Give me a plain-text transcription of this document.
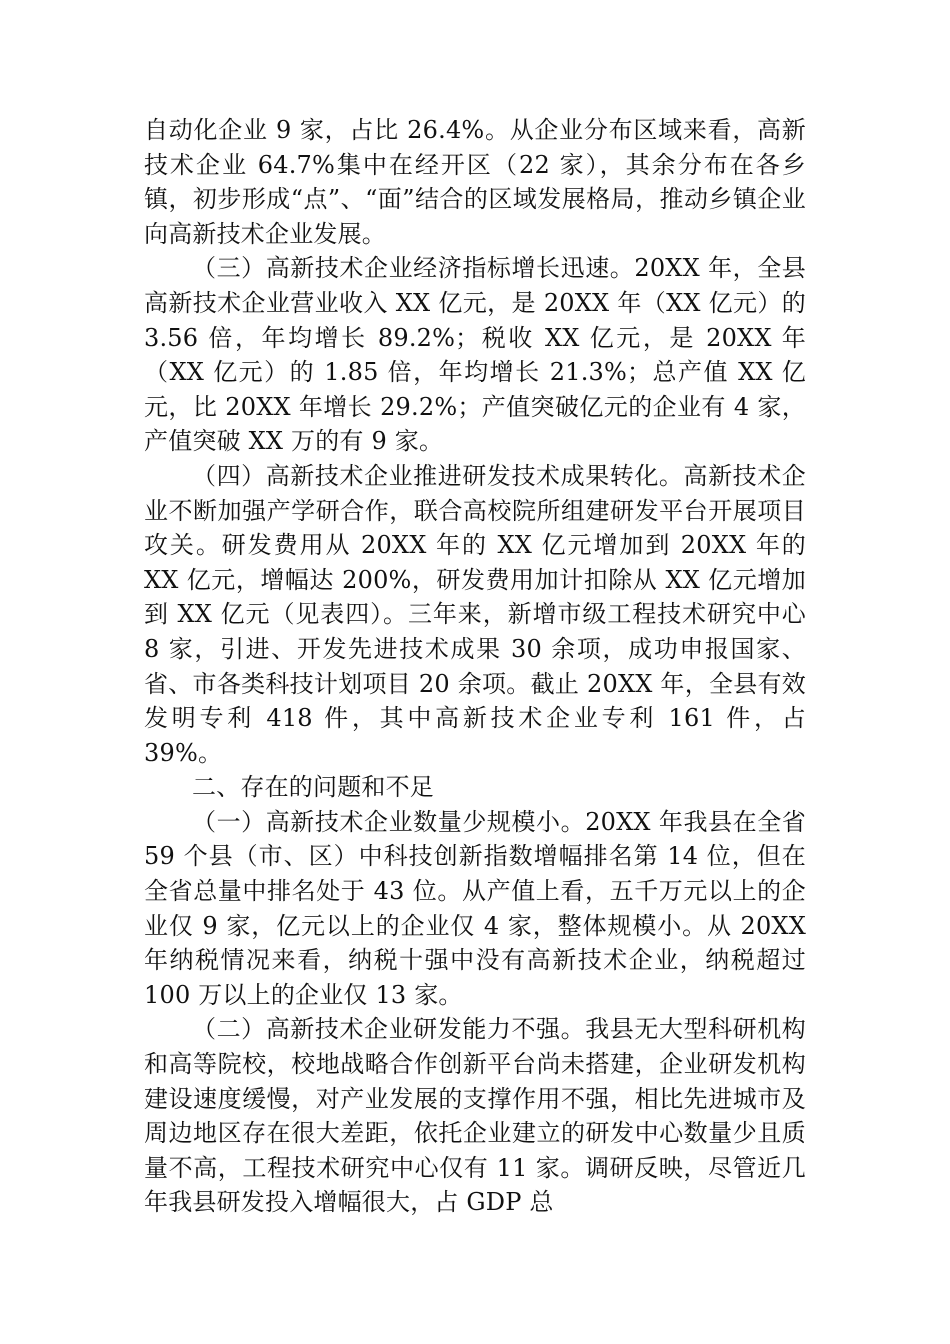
自动化企业 9 家，占比 26.4%。从企业分布区域来看，高新技术企业 64.7%集中在经开区（22 家），其余分布在各乡镇，初步形成“点”、“面”结合的区域发展格局，推动乡镇企业向高新技术企业发展。

（三）高新技术企业经济指标增长迅速。20XX 年，全县高新技术企业营业收入 XX 亿元，是 20XX 年（XX 亿元）的 3.56 倍，年均增长 89.2%；税收 XX 亿元，是 20XX 年（XX 亿元）的 1.85 倍，年均增长 21.3%；总产值 XX 亿元，比 20XX 年增长 29.2%；产值突破亿元的企业有 4 家，产值突破 XX 万的有 9 家。

（四）高新技术企业推进研发技术成果转化。高新技术企业不断加强产学研合作，联合高校院所组建研发平台开展项目攻关。研发费用从 20XX 年的 XX 亿元增加到 20XX 年的 XX 亿元，增幅达 200%，研发费用加计扣除从 XX 亿元增加到 XX 亿元（见表四）。三年来，新增市级工程技术研究中心 8 家，引进、开发先进技术成果 30 余项，成功申报国家、省、市各类科技计划项目 20 余项。截止 20XX 年，全县有效发明专利 418 件，其中高新技术企业专利 161 件，占 39%。

二、存在的问题和不足

（一）高新技术企业数量少规模小。20XX 年我县在全省 59 个县（市、区）中科技创新指数增幅排名第 14 位，但在全省总量中排名处于 43 位。从产值上看，五千万元以上的企业仅 9 家，亿元以上的企业仅 4 家，整体规模小。从 20XX 年纳税情况来看，纳税十强中没有高新技术企业，纳税超过 100 万以上的企业仅 13 家。

（二）高新技术企业研发能力不强。我县无大型科研机构和高等院校，校地战略合作创新平台尚未搭建，企业研发机构建设速度缓慢，对产业发展的支撑作用不强，相比先进城市及周边地区存在很大差距，依托企业建立的研发中心数量少且质量不高，工程技术研究中心仅有 11 家。调研反映，尽管近几年我县研发投入增幅很大，占 GDP 总
